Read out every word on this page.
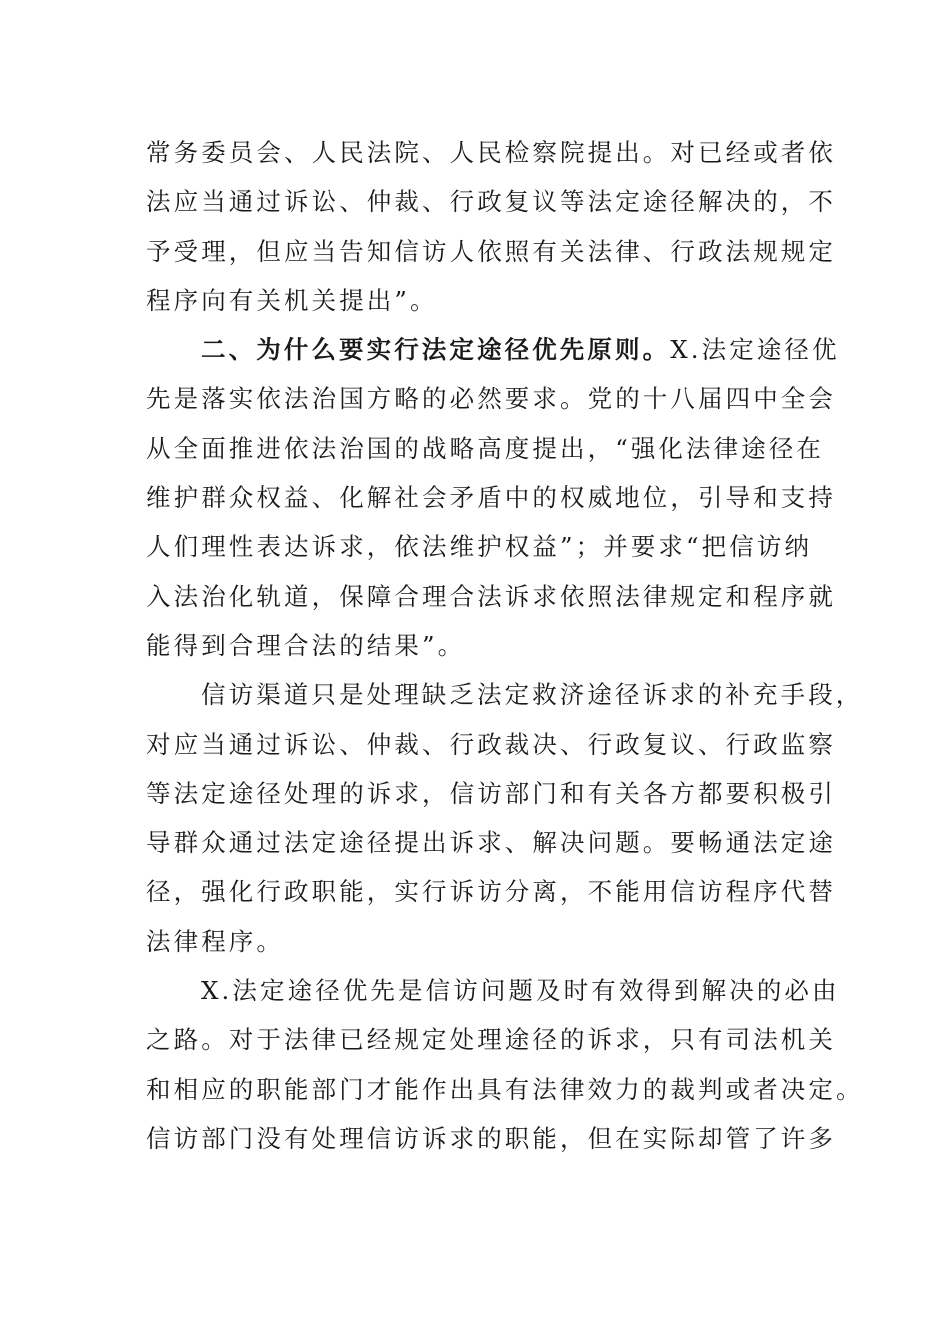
常务委员会、人民法院、人民检察院提出。对已经或者依
法应当通过诉讼、仲裁、行政复议等法定途径解决的，不
予受理，但应当告知信访人依照有关法律、行政法规规定
程序向有关机关提出”。
二、为什么要实行法定途径优先原则。X.法定途径优
先是落实依法治国方略的必然要求。党的十八届四中全会
从全面推进依法治国的战略高度提出，“强化法律途径在
维护群众权益、化解社会矛盾中的权威地位，引导和支持
人们理性表达诉求，依法维护权益”；并要求“把信访纳
入法治化轨道，保障合理合法诉求依照法律规定和程序就
能得到合理合法的结果”。
信访渠道只是处理缺乏法定救济途径诉求的补充手段，
对应当通过诉讼、仲裁、行政裁决、行政复议、行政监察
等法定途径处理的诉求，信访部门和有关各方都要积极引
导群众通过法定途径提出诉求、解决问题。要畅通法定途
径，强化行政职能，实行诉访分离，不能用信访程序代替
法律程序。
X.法定途径优先是信访问题及时有效得到解决的必由
之路。对于法律已经规定处理途径的诉求，只有司法机关
和相应的职能部门才能作出具有法律效力的裁判或者决定。
信访部门没有处理信访诉求的职能，但在实际却管了许多
